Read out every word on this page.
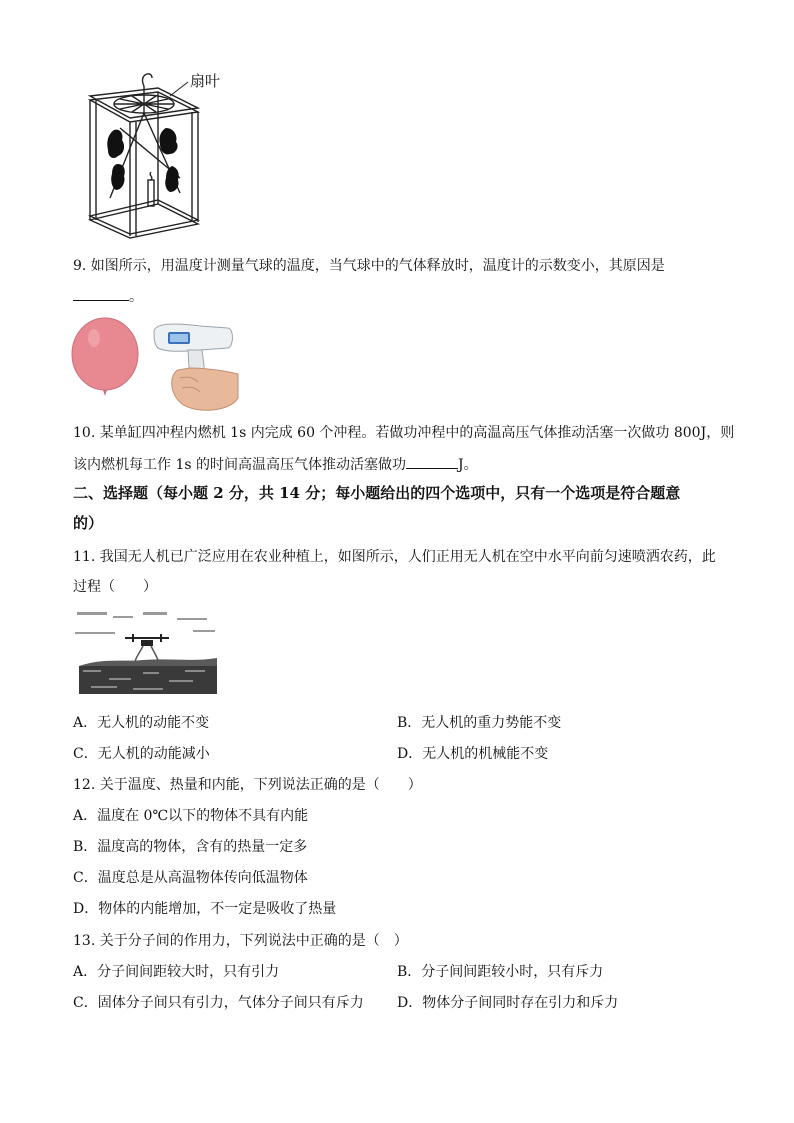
扇叶
9. 如图所示，用温度计测量气球的温度，当气球中的气体释放时，温度计的示数变小，其原因是
。
10. 某单缸四冲程内燃机 1s 内完成 60 个冲程。若做功冲程中的高温高压气体推动活塞一次做功 800J，则
该内燃机每工作 1s 的时间高温高压气体推动活塞做功	J。
二、选择题（每小题 2 分，共 14 分；每小题给出的四个选项中，只有一个选项是符合题意
的）
11. 我国无人机已广泛应用在农业种植上，如图所示，人们正用无人机在空中水平向前匀速喷洒农药，此
过程（　　）
A．无人机的动能不变	B．无人机的重力势能不变
C．无人机的动能减小	D．无人机的机械能不变
12. 关于温度、热量和内能，下列说法正确的是（　　）
A．温度在 0℃以下的物体不具有内能
B．温度高的物体，含有的热量一定多
C．温度总是从高温物体传向低温物体
D．物体的内能增加，不一定是吸收了热量
13. 关于分子间的作用力，下列说法中正确的是（　）
A．分子间间距较大时，只有引力	B．分子间间距较小时，只有斥力
C．固体分子间只有引力，气体分子间只有斥力 D．物体分子间同时存在引力和斥力
